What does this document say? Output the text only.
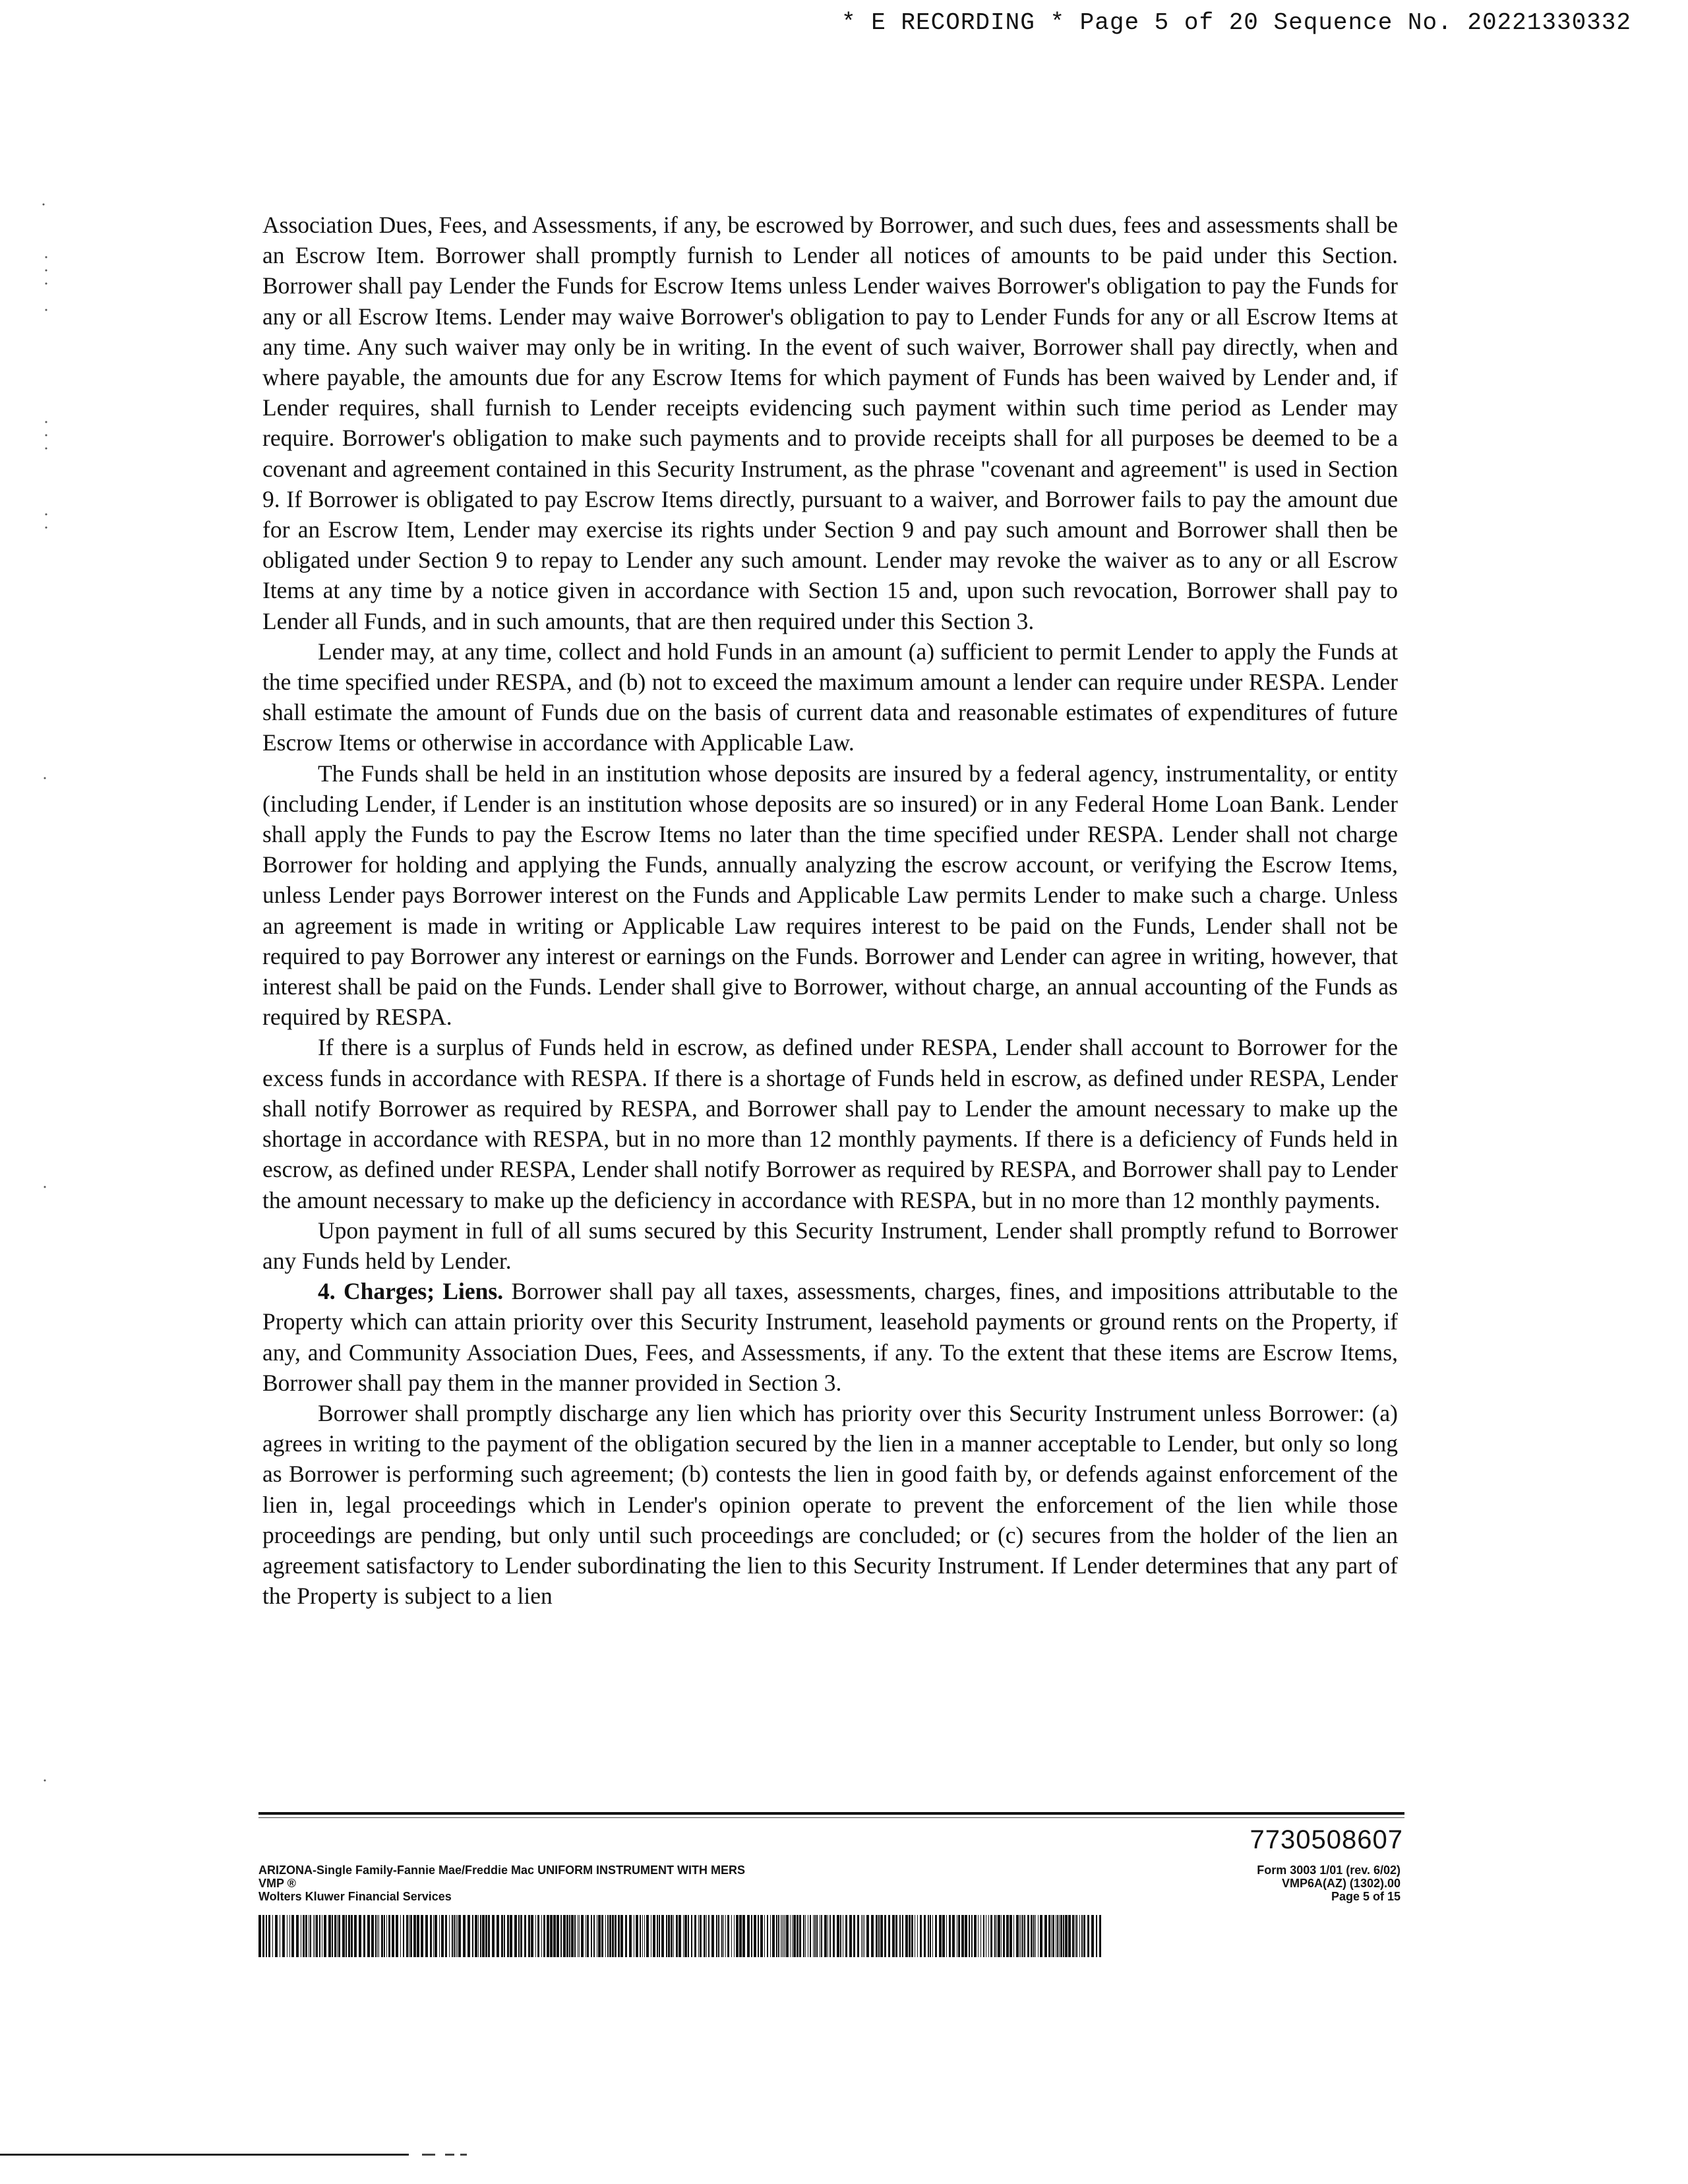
* E RECORDING * Page 5 of 20 Sequence No. 20221330332

Association Dues, Fees, and Assessments, if any, be escrowed by Borrower, and such dues, fees and assessments shall be an Escrow Item. Borrower shall promptly furnish to Lender all notices of amounts to be paid under this Section. Borrower shall pay Lender the Funds for Escrow Items unless Lender waives Borrower's obligation to pay the Funds for any or all Escrow Items. Lender may waive Borrower's obligation to pay to Lender Funds for any or all Escrow Items at any time. Any such waiver may only be in writing. In the event of such waiver, Borrower shall pay directly, when and where payable, the amounts due for any Escrow Items for which payment of Funds has been waived by Lender and, if Lender requires, shall furnish to Lender receipts evidencing such payment within such time period as Lender may require. Borrower's obligation to make such payments and to provide receipts shall for all purposes be deemed to be a covenant and agreement contained in this Security Instrument, as the phrase "covenant and agreement" is used in Section 9. If Borrower is obligated to pay Escrow Items directly, pursuant to a waiver, and Borrower fails to pay the amount due for an Escrow Item, Lender may exercise its rights under Section 9 and pay such amount and Borrower shall then be obligated under Section 9 to repay to Lender any such amount. Lender may revoke the waiver as to any or all Escrow Items at any time by a notice given in accordance with Section 15 and, upon such revocation, Borrower shall pay to Lender all Funds, and in such amounts, that are then required under this Section 3.

Lender may, at any time, collect and hold Funds in an amount (a) sufficient to permit Lender to apply the Funds at the time specified under RESPA, and (b) not to exceed the maximum amount a lender can require under RESPA. Lender shall estimate the amount of Funds due on the basis of current data and reasonable estimates of expenditures of future Escrow Items or otherwise in accordance with Applicable Law.

The Funds shall be held in an institution whose deposits are insured by a federal agency, instrumentality, or entity (including Lender, if Lender is an institution whose deposits are so insured) or in any Federal Home Loan Bank. Lender shall apply the Funds to pay the Escrow Items no later than the time specified under RESPA. Lender shall not charge Borrower for holding and applying the Funds, annually analyzing the escrow account, or verifying the Escrow Items, unless Lender pays Borrower interest on the Funds and Applicable Law permits Lender to make such a charge. Unless an agreement is made in writing or Applicable Law requires interest to be paid on the Funds, Lender shall not be required to pay Borrower any interest or earnings on the Funds. Borrower and Lender can agree in writing, however, that interest shall be paid on the Funds. Lender shall give to Borrower, without charge, an annual accounting of the Funds as required by RESPA.

If there is a surplus of Funds held in escrow, as defined under RESPA, Lender shall account to Borrower for the excess funds in accordance with RESPA. If there is a shortage of Funds held in escrow, as defined under RESPA, Lender shall notify Borrower as required by RESPA, and Borrower shall pay to Lender the amount necessary to make up the shortage in accordance with RESPA, but in no more than 12 monthly payments. If there is a deficiency of Funds held in escrow, as defined under RESPA, Lender shall notify Borrower as required by RESPA, and Borrower shall pay to Lender the amount necessary to make up the deficiency in accordance with RESPA, but in no more than 12 monthly payments.

Upon payment in full of all sums secured by this Security Instrument, Lender shall promptly refund to Borrower any Funds held by Lender.

4. Charges; Liens. Borrower shall pay all taxes, assessments, charges, fines, and impositions attributable to the Property which can attain priority over this Security Instrument, leasehold payments or ground rents on the Property, if any, and Community Association Dues, Fees, and Assessments, if any. To the extent that these items are Escrow Items, Borrower shall pay them in the manner provided in Section 3.

Borrower shall promptly discharge any lien which has priority over this Security Instrument unless Borrower: (a) agrees in writing to the payment of the obligation secured by the lien in a manner acceptable to Lender, but only so long as Borrower is performing such agreement; (b) contests the lien in good faith by, or defends against enforcement of the lien in, legal proceedings which in Lender's opinion operate to prevent the enforcement of the lien while those proceedings are pending, but only until such proceedings are concluded; or (c) secures from the holder of the lien an agreement satisfactory to Lender subordinating the lien to this Security Instrument. If Lender determines that any part of the Property is subject to a lien

7730508607
ARIZONA-Single Family-Fannie Mae/Freddie Mac UNIFORM INSTRUMENT WITH MERS
VMP ®
Wolters Kluwer Financial Services
Form 3003 1/01 (rev. 6/02)
VMP6A(AZ) (1302).00
Page 5 of 15
